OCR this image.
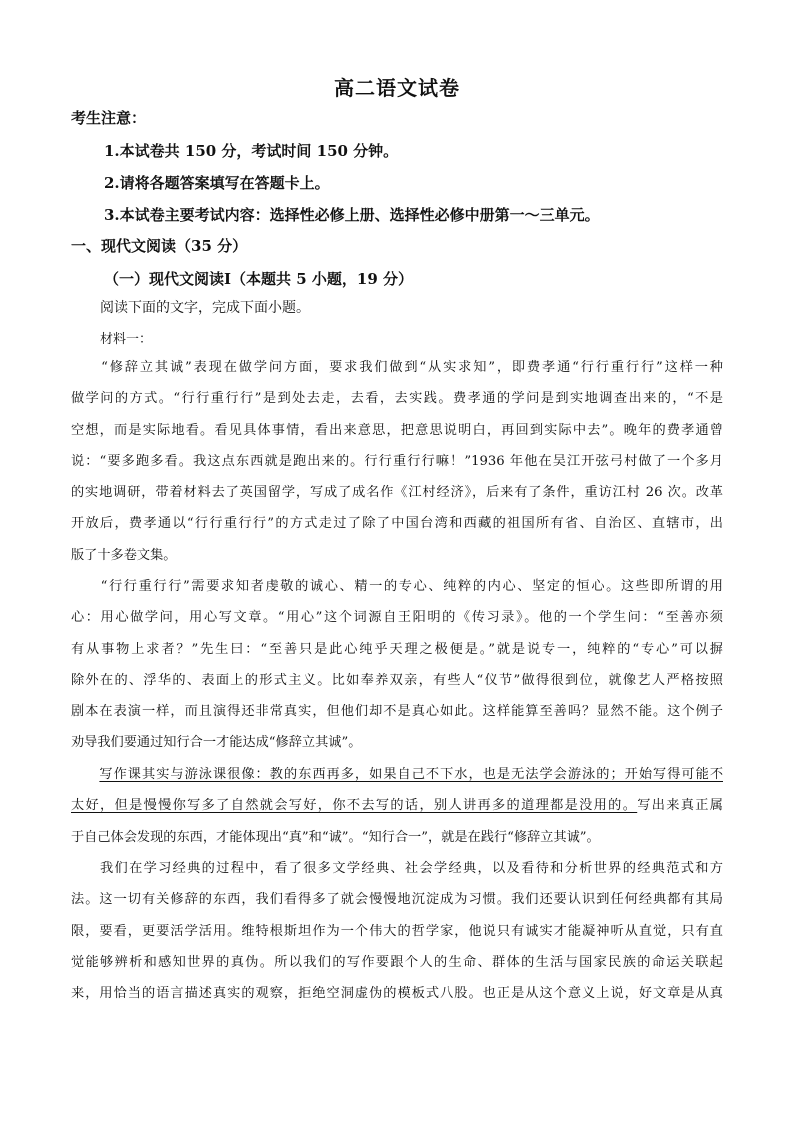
高二语文试卷
考生注意：
1.本试卷共 150 分，考试时间 150 分钟。
2.请将各题答案填写在答题卡上。
3.本试卷主要考试内容：选择性必修上册、选择性必修中册第一～三单元。
一、现代文阅读（35 分）
（一）现代文阅读Ⅰ（本题共 5 小题，19 分）
阅读下面的文字，完成下面小题。
材料一：
　　“修辞立其诚”表现在做学问方面，要求我们做到“从实求知”，即费孝通“行行重行行”这样一种
做学问的方式。“行行重行行”是到处去走，去看，去实践。费孝通的学问是到实地调查出来的，“不是
空想，而是实际地看。看见具体事情，看出来意思，把意思说明白，再回到实际中去”。晚年的费孝通曾
说：“要多跑多看。我这点东西就是跑出来的。行行重行行嘛！”1936 年他在吴江开弦弓村做了一个多月
的实地调研，带着材料去了英国留学，写成了成名作《江村经济》，后来有了条件，重访江村 26 次。改革
开放后，费孝通以“行行重行行”的方式走过了除了中国台湾和西藏的祖国所有省、自治区、直辖市，出
版了十多卷文集。
　　“行行重行行”需要求知者虔敬的诚心、精一的专心、纯粹的内心、坚定的恒心。这些即所谓的用
心：用心做学问，用心写文章。“用心”这个词源自王阳明的《传习录》。他的一个学生问：“至善亦须
有从事物上求者？”先生曰：“至善只是此心纯乎天理之极便是。”就是说专一，纯粹的“专心”可以摒
除外在的、浮华的、表面上的形式主义。比如奉养双亲，有些人“仪节”做得很到位，就像艺人严格按照
剧本在表演一样，而且演得还非常真实，但他们却不是真心如此。这样能算至善吗？显然不能。这个例子
劝导我们要通过知行合一才能达成“修辞立其诚”。
　　写作课其实与游泳课很像：教的东西再多，如果自己不下水，也是无法学会游泳的；开始写得可能不
太好，但是慢慢你写多了自然就会写好，你不去写的话，别人讲再多的道理都是没用的。写出来真正属
于自己体会发现的东西，才能体现出“真”和“诚”。“知行合一”，就是在践行“修辞立其诚”。
　　我们在学习经典的过程中，看了很多文学经典、社会学经典，以及看待和分析世界的经典范式和方
法。这一切有关修辞的东西，我们看得多了就会慢慢地沉淀成为习惯。我们还要认识到任何经典都有其局
限，要看，更要活学活用。维特根斯坦作为一个伟大的哲学家，他说只有诚实才能凝神听从直觉，只有直
觉能够辨析和感知世界的真伪。所以我们的写作要跟个人的生命、群体的生活与国家民族的命运关联起
来，用恰当的语言描述真实的观察，拒绝空洞虚伪的模板式八股。也正是从这个意义上说，好文章是从真
